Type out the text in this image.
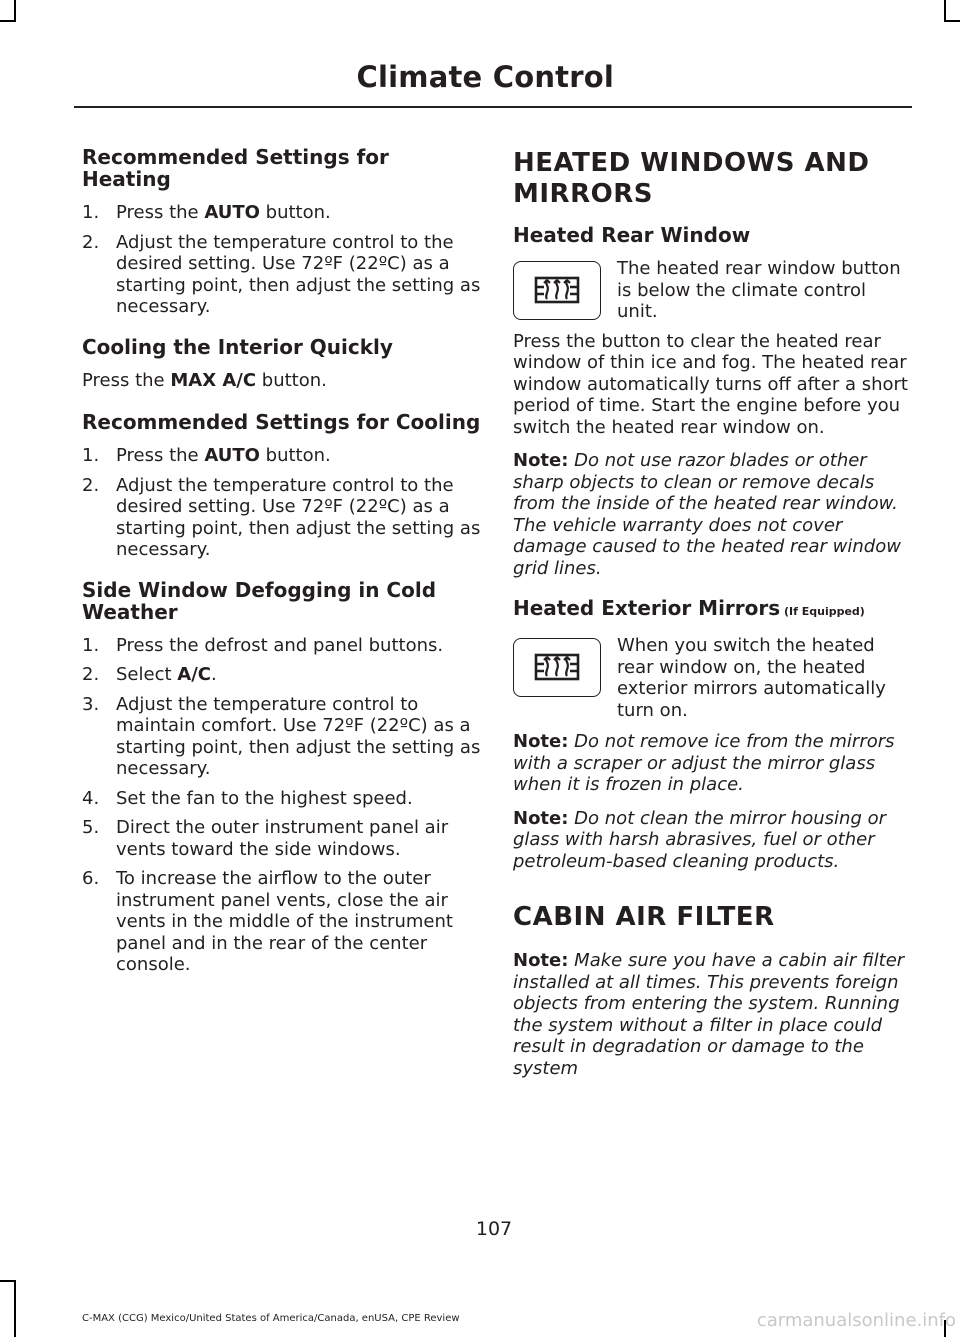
Climate Control
Recommended Settings for Heating
1. Press the AUTO button.
2. Adjust the temperature control to the desired setting. Use 72ºF (22ºC) as a starting point, then adjust the setting as necessary.
Cooling the Interior Quickly

Press the MAX A/C button.

Recommended Settings for Cooling
1. Press the AUTO button.
2. Adjust the temperature control to the desired setting. Use 72ºF (22ºC) as a starting point, then adjust the setting as necessary.
Side Window Defogging in Cold Weather
1. Press the defrost and panel buttons.
2. Select A/C.
3. Adjust the temperature control to maintain comfort. Use 72ºF (22ºC) as a starting point, then adjust the setting as necessary.
4. Set the fan to the highest speed.
5. Direct the outer instrument panel air vents toward the side windows.
6. To increase the airflow to the outer instrument panel vents, close the air vents in the middle of the instrument panel and in the rear of the center console.
HEATED WINDOWS AND MIRRORS
Heated Rear Window
The heated rear window button is below the climate control unit.

Press the button to clear the heated rear window of thin ice and fog. The heated rear window automatically turns off after a short period of time. Start the engine before you switch the heated rear window on.

Note: Do not use razor blades or other sharp objects to clean or remove decals from the inside of the heated rear window. The vehicle warranty does not cover damage caused to the heated rear window grid lines.

Heated Exterior Mirrors (If Equipped)
When you switch the heated rear window on, the heated exterior mirrors automatically turn on.

Note: Do not remove ice from the mirrors with a scraper or adjust the mirror glass when it is frozen in place.

Note: Do not clean the mirror housing or glass with harsh abrasives, fuel or other petroleum-based cleaning products.

CABIN AIR FILTER

Note: Make sure you have a cabin air filter installed at all times. This prevents foreign objects from entering the system. Running the system without a filter in place could result in degradation or damage to the system

107
C-MAX (CCG) Mexico/United States of America/Canada, enUSA, CPE Review	carmanualsonline.info
